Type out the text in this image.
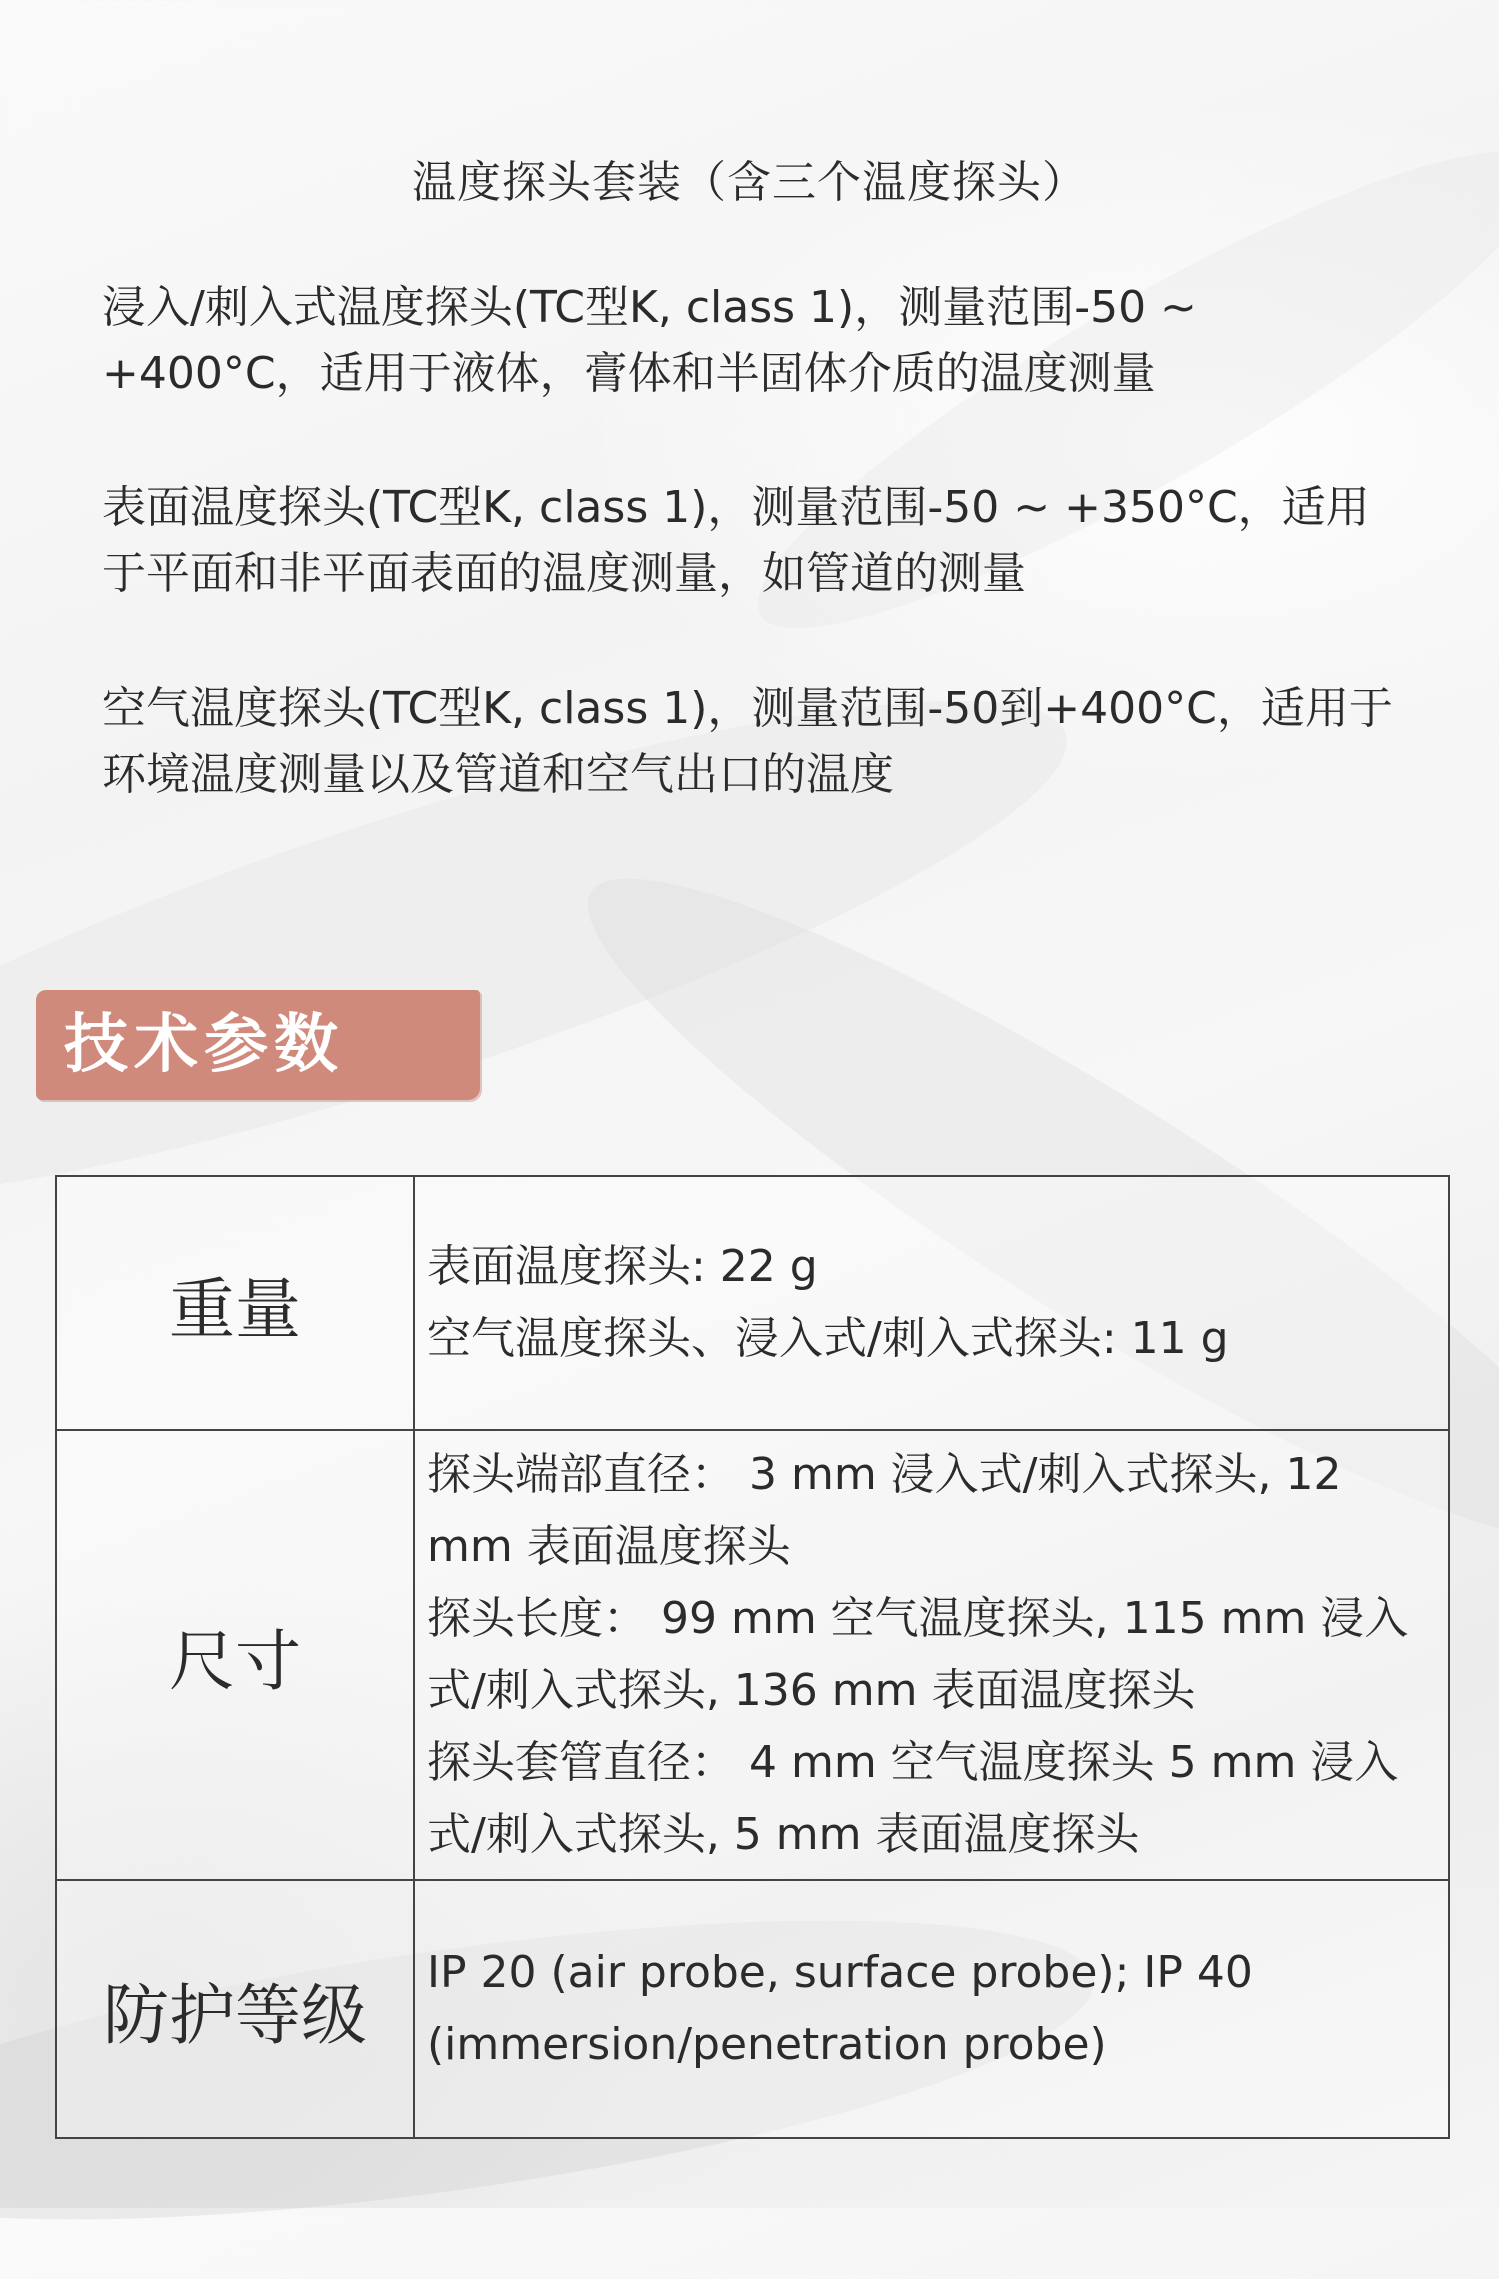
温度探头套装（含三个温度探头）

浸入/刺入式温度探头(TC型K, class 1)，测量范围-50 ~ +400°C，适用于液体，膏体和半固体介质的温度测量

表面温度探头(TC型K, class 1)，测量范围-50 ~ +350°C，适用于平面和非平面表面的温度测量，如管道的测量

空气温度探头(TC型K, class 1)，测量范围-50到+400°C，适用于环境温度测量以及管道和空气出口的温度

技术参数
重量	表面温度探头: 22 g
空气温度探头、浸入式/刺入式探头: 11 g

尺寸	探头端部直径： 3 mm 浸入式/刺入式探头, 12 mm 表面温度探头
探头长度： 99 mm 空气温度探头, 115 mm 浸入式/刺入式探头, 136 mm 表面温度探头
探头套管直径： 4 mm 空气温度探头 5 mm 浸入式/刺入式探头, 5 mm 表面温度探头

防护等级	IP 20 (air probe, surface probe); IP 40 (immersion/penetration probe)
